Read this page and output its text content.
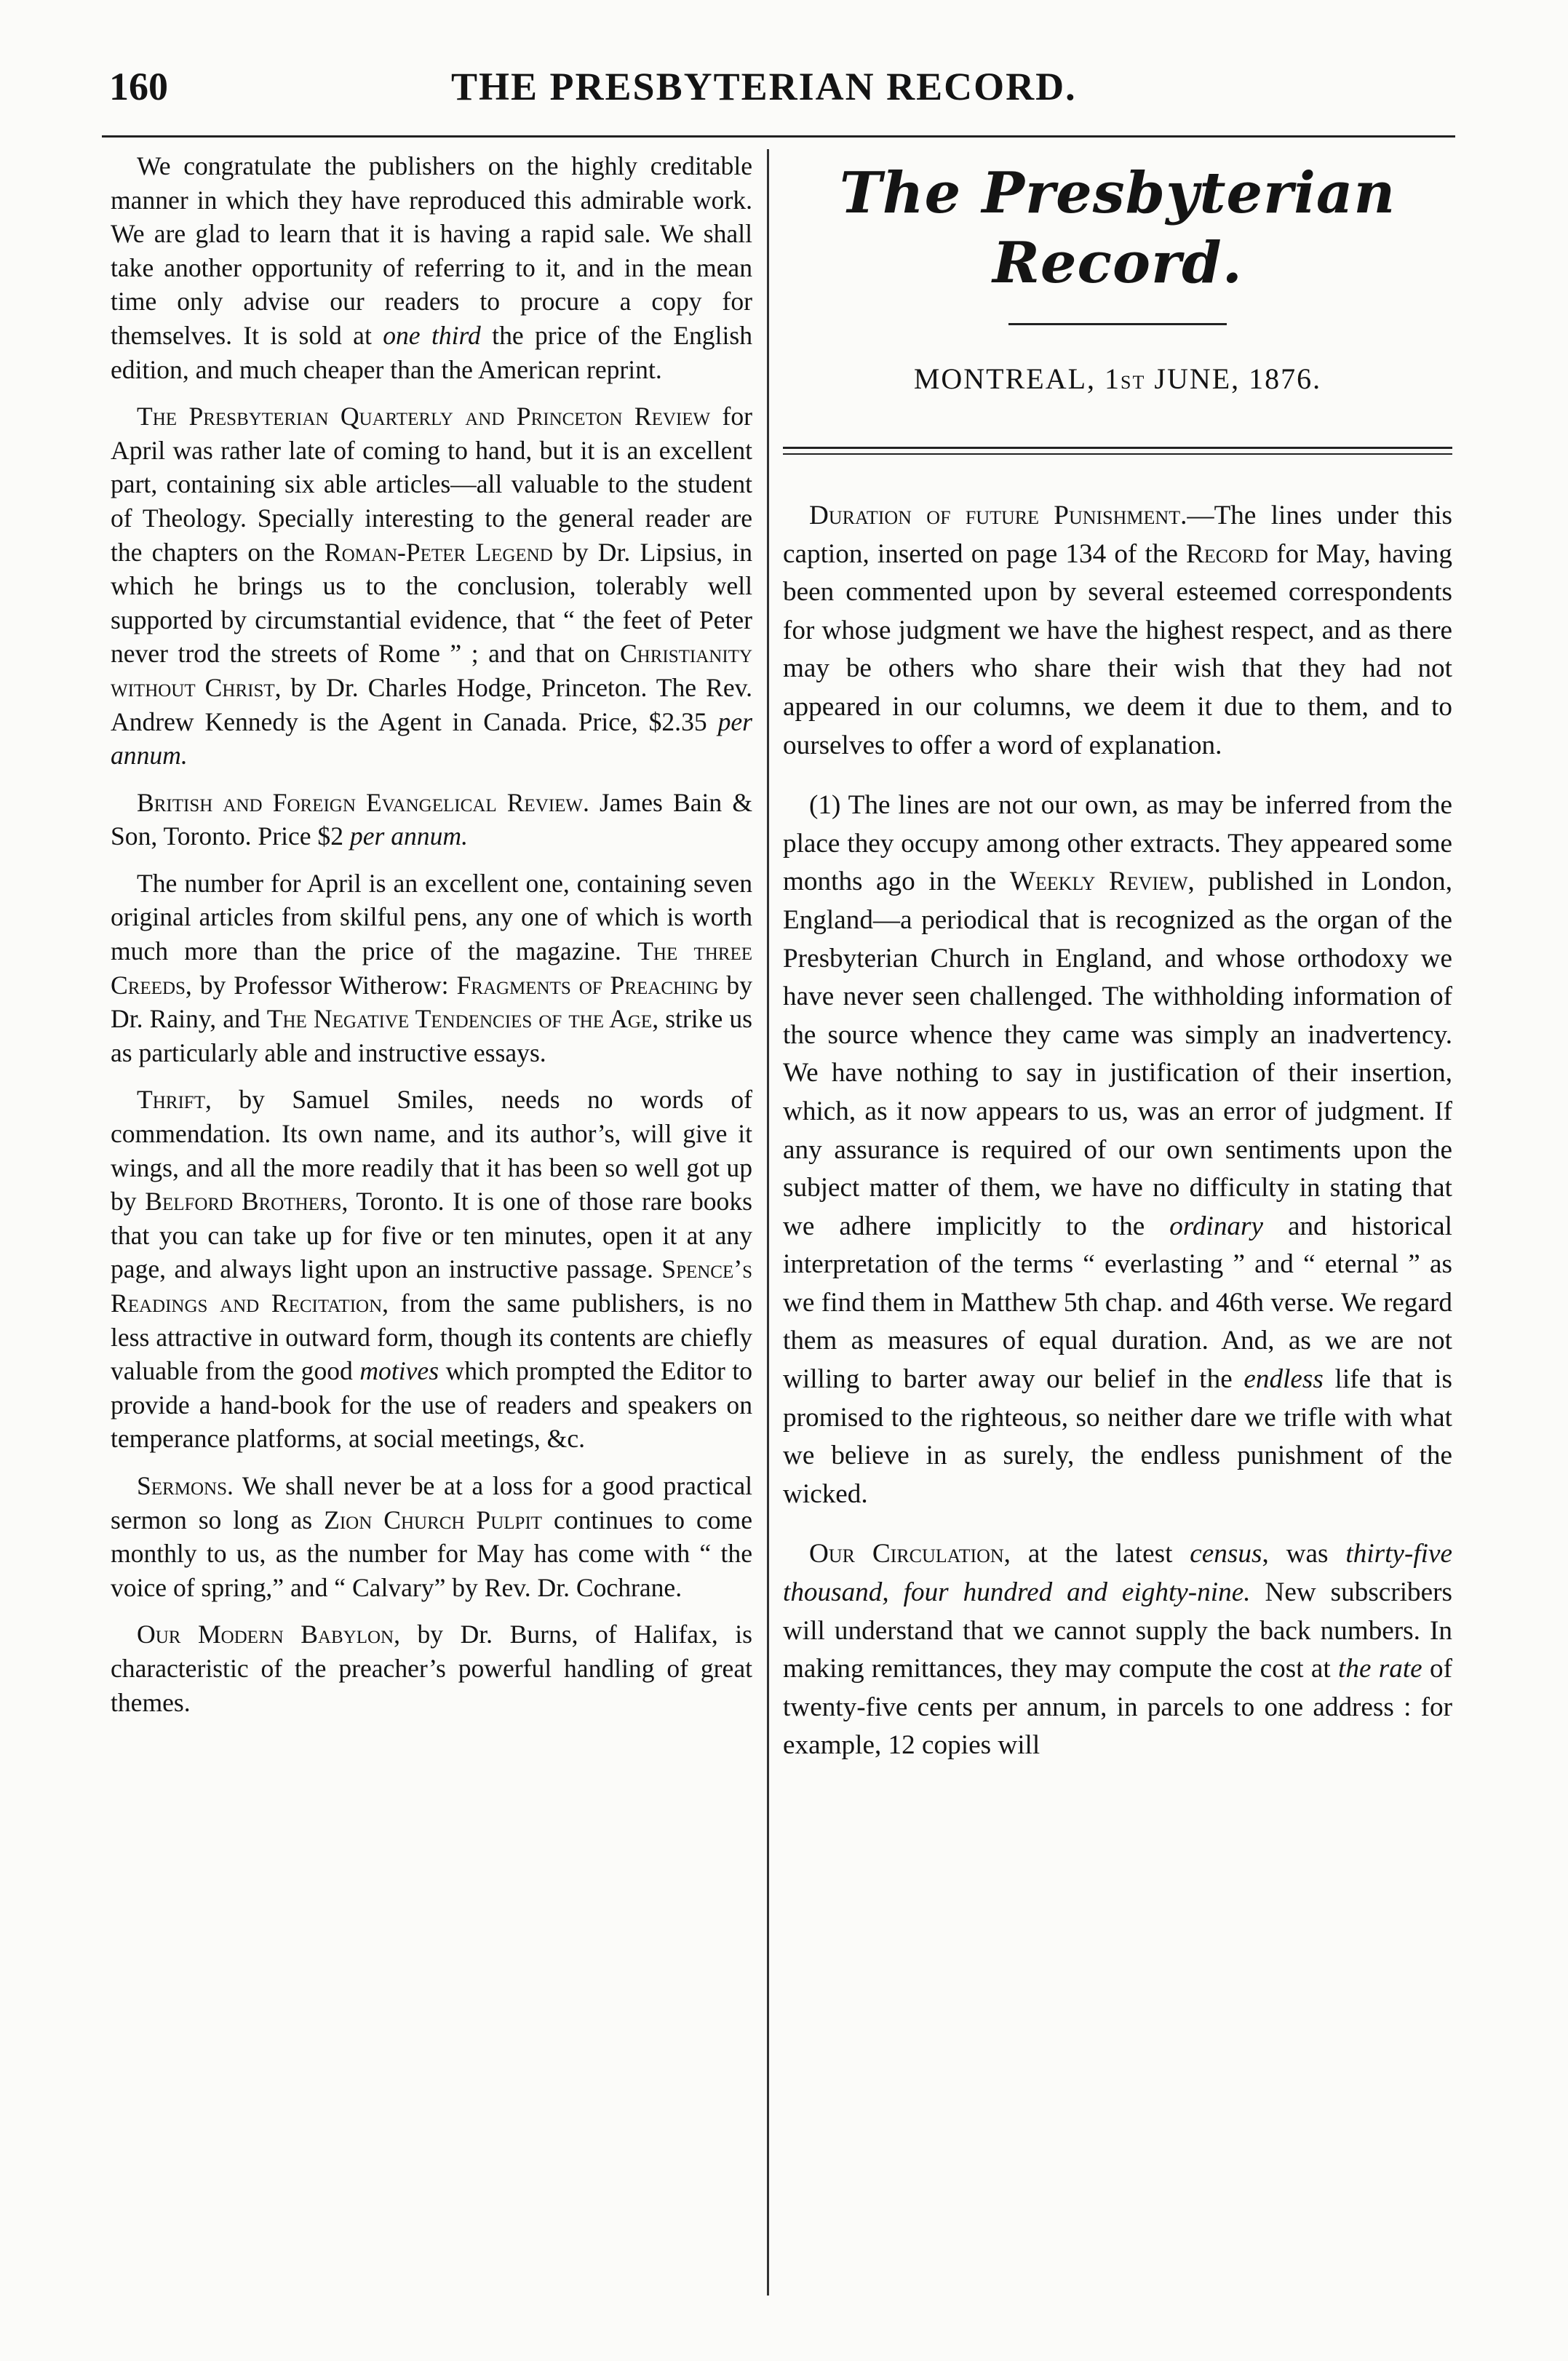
160	THE PRESBYTERIAN RECORD.

We congratulate the publishers on the highly creditable manner in which they have reproduced this admirable work. We are glad to learn that it is having a rapid sale. We shall take another opportunity of referring to it, and in the mean time only advise our readers to procure a copy for themselves. It is sold at one third the price of the English edition, and much cheaper than the American reprint.

The Presbyterian Quarterly and Princeton Review for April was rather late of coming to hand, but it is an excellent part, containing six able articles—all valuable to the student of Theology. Specially interesting to the general reader are the chapters on the Roman-Peter Legend by Dr. Lipsius, in which he brings us to the conclusion, tolerably well supported by circumstantial evidence, that “ the feet of Peter never trod the streets of Rome ” ; and that on Christianity without Christ, by Dr. Charles Hodge, Princeton. The Rev. Andrew Kennedy is the Agent in Canada. Price, $2.35 per annum.

British and Foreign Evangelical Review. James Bain & Son, Toronto. Price $2 per annum.

The number for April is an excellent one, containing seven original articles from skilful pens, any one of which is worth much more than the price of the magazine. The three Creeds, by Professor Witherow: Fragments of Preaching by Dr. Rainy, and The Negative Tendencies of the Age, strike us as particularly able and instructive essays.

Thrift, by Samuel Smiles, needs no words of commendation. Its own name, and its author’s, will give it wings, and all the more readily that it has been so well got up by Belford Brothers, Toronto. It is one of those rare books that you can take up for five or ten minutes, open it at any page, and always light upon an instructive passage. Spence’s Readings and Recitation, from the same publishers, is no less attractive in outward form, though its contents are chiefly valuable from the good motives which prompted the Editor to provide a hand-book for the use of readers and speakers on temperance platforms, at social meetings, &c.

Sermons. We shall never be at a loss for a good practical sermon so long as Zion Church Pulpit continues to come monthly to us, as the number for May has come with “ the voice of spring,” and “ Calvary” by Rev. Dr. Cochrane.

Our Modern Babylon, by Dr. Burns, of Halifax, is characteristic of the preacher’s powerful handling of great themes.

The Presbyterian Record.
MONTREAL, 1ST JUNE, 1876.

Duration of future Punishment.—The lines under this caption, inserted on page 134 of the Record for May, having been commented upon by several esteemed correspondents for whose judgment we have the highest respect, and as there may be others who share their wish that they had not appeared in our columns, we deem it due to them, and to ourselves to offer a word of explanation.

(1) The lines are not our own, as may be inferred from the place they occupy among other extracts. They appeared some months ago in the Weekly Review, published in London, England—a periodical that is recognized as the organ of the Presbyterian Church in England, and whose orthodoxy we have never seen challenged. The withholding information of the source whence they came was simply an inadvertency. We have nothing to say in justification of their insertion, which, as it now appears to us, was an error of judgment. If any assurance is required of our own sentiments upon the subject matter of them, we have no difficulty in stating that we adhere implicitly to the ordinary and historical interpretation of the terms “ everlasting ” and “ eternal ” as we find them in Matthew 5th chap. and 46th verse. We regard them as measures of equal duration. And, as we are not willing to barter away our belief in the endless life that is promised to the righteous, so neither dare we trifle with what we believe in as surely, the endless punishment of the wicked.

Our Circulation, at the latest census, was thirty-five thousand, four hundred and eighty-nine. New subscribers will understand that we cannot supply the back numbers. In making remittances, they may compute the cost at the rate of twenty-five cents per annum, in parcels to one address : for example, 12 copies will
